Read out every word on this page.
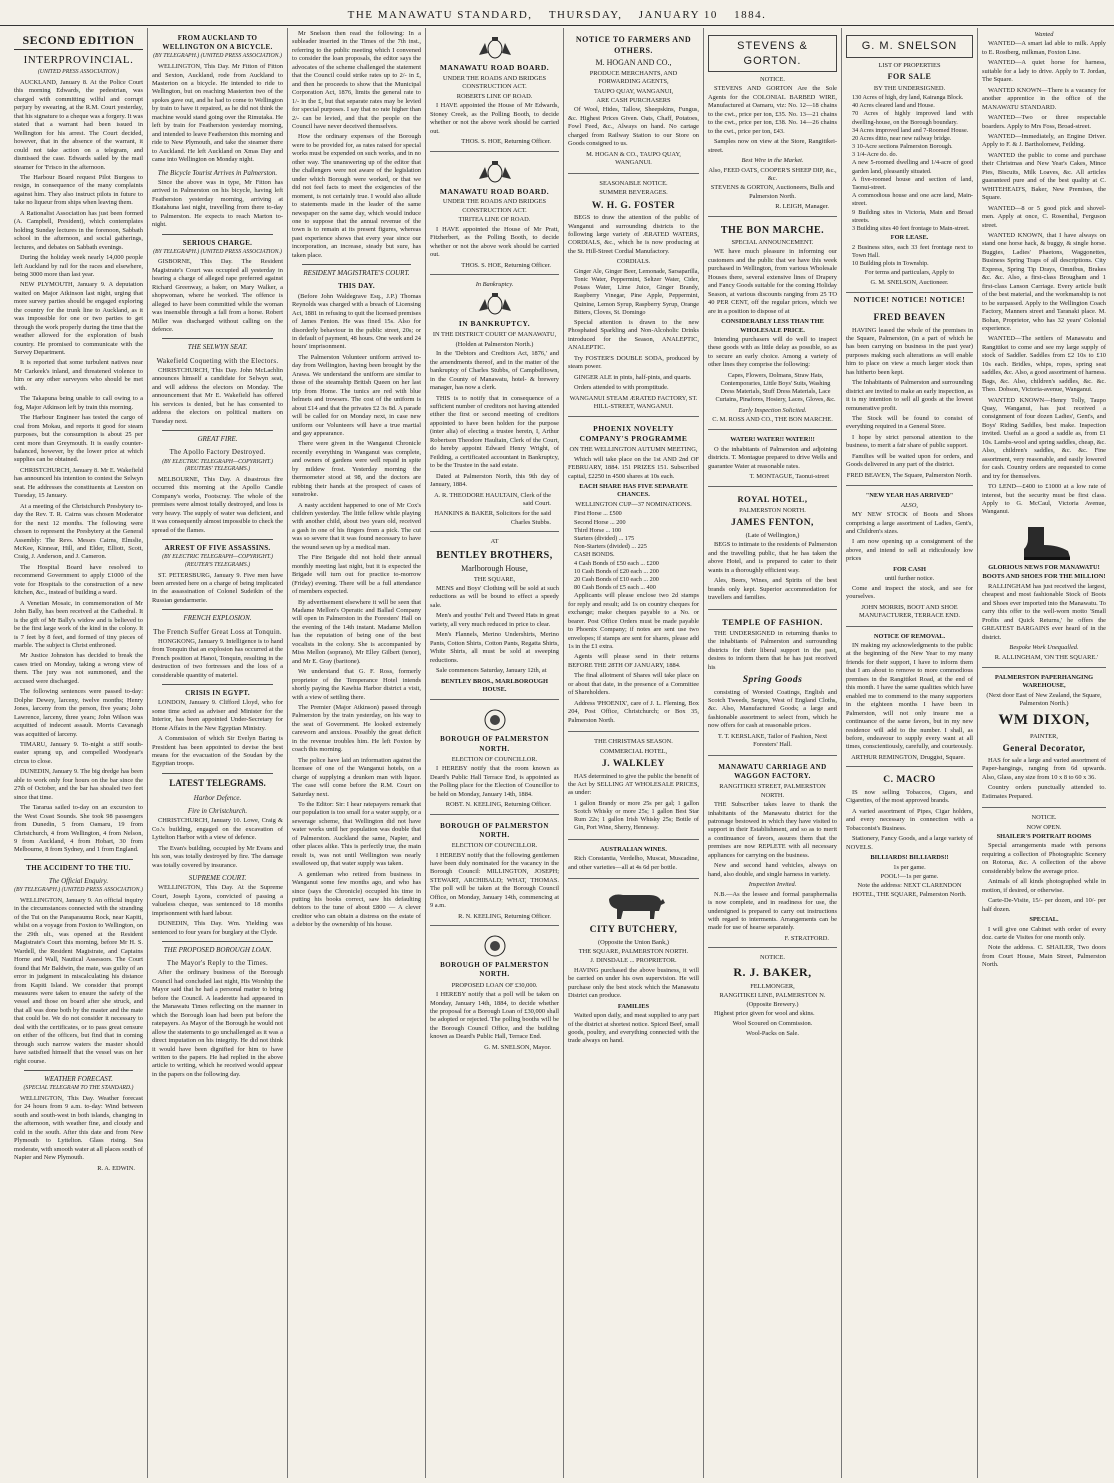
THE MANAWATU STANDARD, THURSDAY, JANUARY 10 1884.
SECOND EDITION
INTERPROVINCIAL.
(UNITED PRESS ASSOCIATION.)

AUCKLAND, January 8. At the Police Court this morning Edwards, the pedestrian, was charged with committing wilful and corrupt perjury by swearing, at the R.M. Court yesterday, that his signature to a cheque was a forgery. It was stated that a warrant had been issued in Wellington for his arrest. The Court decided, however, that in the absence of the warrant, it could not take action on a telegram, and dismissed the case. Edwards sailed by the mail steamer for 'Frisco in the afternoon.

The Harbour Board request Pilot Burgess to resign, in consequence of the many complaints against him. They also instruct pilots in future to take no liqueur from ships when leaving them.

A Rationalist Association has just been formed (A. Campbell, President), which contemplates holding Sunday lectures in the forenoon, Sabbath school in the afternoon, and social gatherings, lectures, and debates on Sabbath evenings.

During the holiday week nearly 14,000 people left Auckland by rail for the races and elsewhere, being 3000 more than last year.

NEW PLYMOUTH, January 9. A deputation waited on Major Atkinson last night, urging that more survey parties should be engaged exploring the country for the trunk line to Auckland, as it was impossible for one or two parties to get through the work properly during the time that the weather allowed for the exploration of bush country. He promised to communicate with the Survey Department.

It is reported that some turbulent natives near Mr Carkeek's inland, and threatened violence to him or any other surveyors who should be met with.

The Takapuna being unable to call owing to a fog, Major Atkinson left by train this morning.

The Harbour Engineer has tested the cargo of coal from Mokau, and reports it good for steam purposes, but the consumption is about 25 per cent more than Greymouth. It is easily counter-balanced, however, by the lower price at which supplies can be obtained.

CHRISTCHURCH, January 8. Mr E. Wakefield has announced his intention to contest the Selwyn seat. He addresses the constituents at Leeston on Tuesday, 15 January.

At a meeting of the Christchurch Presbytery to-day the Rev. T. R. Cairns was chosen Moderator for the next 12 months. The following were chosen to represent the Presbytery at the General Assembly: The Revs. Messrs Cairns, Elmslie, McKee, Kinnear, Hill, and Elder, Elliott, Scott, Craig, J. Anderson, and J. Cameron.

The Hospital Board have resolved to recommend Government to apply £1000 of the vote for Hospitals to the construction of a new kitchen, &c., instead of building a ward.

A Venetian Mosaic, in commemoration of Mr John Bally, has been received at the Cathedral. It is the gift of Mr Bally's widow and is believed to be the first large work of the kind in the colony. It is 7 feet by 8 feet, and formed of tiny pieces of marble. The subject is Christ enthroned.

Mr Justice Johnston has decided to break the cases tried on Monday, taking a wrong view of them. The jury was not summoned, and the accused were discharged.

The following sentences were passed to-day: Dolphe Dewey, larceny, twelve months; Henry Jones, larceny from the person, five years; John Lawrence, larceny, three years; John Wilson was acquitted of indecent assault. Morris Cavanagh was acquitted of larceny.

TIMARU, January 9. To-night a stiff south-easter sprang up, and compelled Woodyear's circus to close.

DUNEDIN, January 9. The big dredge has been able to work only four hours on the bar since the 27th of October, and the bar has shoaled two feet since that time.

The Tararua sailed to-day on an excursion to the West Coast Sounds. She took 98 passengers from Dunedin, 5 from Oamaru, 19 from Christchurch, 4 from Wellington, 4 from Nelson, 9 from Auckland, 4 from Hobart, 30 from Melbourne, 8 from Sydney, and 1 from England.

THE ACCIDENT TO THE TIU.
The Official Enquiry.
(BY TELEGRAPH.) (UNITED PRESS ASSOCIATION.)

WELLINGTON, January 9. An official inquiry in the circumstances connected with the stranding of the Tui on the Paraparaumu Rock, near Kapiti, whilst on a voyage from Foxton to Wellington, on the 29th ult., was opened at the Resident Magistrate's Court this morning, before Mr H. S. Wardell, the Resident Magistrate, and Captains Horne and Wall, Nautical Assessors. The Court found that Mr Baldwin, the mate, was guilty of an error in judgment in miscalculating his distance from Kapiti Island. We consider that prompt measures were taken to ensure the safety of the vessel and those on board after she struck, and that all was done both by the master and the mate that could be. We do not consider it necessary to deal with the certificates, or to pass great censure on either of the officers, but find that in coming through such narrow waters the master should have satisfied himself that the vessel was on her right course.

WEATHER FORECAST.
(SPECIAL TELEGRAM TO THE STANDARD.)

WELLINGTON, This Day. Weather forecast for 24 hours from 9 a.m. to-day: Wind between south and south-west in both islands, changing in the afternoon, with weather fine, and cloudy and cold in the south. After this date and from New Plymouth to Lyttelton. Glass rising. Sea moderate, with smooth water at all places south of Napier and New Plymouth.

R. A. EDWIN.
FROM AUCKLAND TO WELLINGTON ON A BICYCLE.
(BY TELEGRAPH.) (UNITED PRESS ASSOCIATION.)

WELLINGTON, This Day. Mr Fitton of Fitton and Sexton, Auckland, rode from Auckland to Masterton on a bicycle. He intended to ride to Wellington, but on reaching Masterton two of the spokes gave out, and he had to come to Wellington by train to have it repaired, as he did not think the machine would stand going over the Rimutaka. He left by train for Featherston yesterday morning, and intended to leave Featherston this morning and ride to New Plymouth, and take the steamer there to Auckland. He left Auckland on Xmas Day and came into Wellington on Monday night.

The Bicycle Tourist Arrives in Palmerston.

Since the above was in type, Mr Fitton has arrived in Palmerston on his bicycle, having left Featherston yesterday morning, arriving at Ekatahuna last night, travelling from there to-day to Palmerston. He expects to reach Marton to-night.

SERIOUS CHARGE.
(BY TELEGRAPH.) (UNITED PRESS ASSOCIATION.)

GISBORNE, This Day. The Resident Magistrate's Court was occupied all yesterday in hearing a charge of alleged rape preferred against Richard Greenway, a baker, on Mary Walker, a shopwoman, where he worked. The offence is alleged to have been committed while the woman was insensible through a fall from a horse. Robert Miller was discharged without calling on the defence.

THE SELWYN SEAT.
Wakefield Coqueting with the Electors.

CHRISTCHURCH, This Day. John McLachlin announces himself a candidate for Selwyn seat, and will address the electors on Monday. The announcement that Mr E. Wakefield has offered his services is denied, but he has consented to address the electors on political matters on Tuesday next.

GREAT FIRE.
The Apollo Factory Destroyed.
(BY ELECTRIC TELEGRAPH—COPYRIGHT.) (REUTERS' TELEGRAMS.)

MELBOURNE, This Day. A disastrous fire occurred this morning at the Apollo Candle Company's works, Footscray. The whole of the premises were almost totally destroyed, and loss is very heavy. The supply of water was deficient, and it was consequently almost impossible to check the spread of the flames.

ARREST OF FIVE ASSASSINS.
(BY ELECTRIC TELEGRAPH—COPYRIGHT.) (REUTER'S TELEGRAMS.)

ST. PETERSBURG, January 9. Five men have been arrested here on a charge of being implicated in the assassination of Colonel Sudeikin of the Russian gendarmerie.

FRENCH EXPLOSION.
The French Suffer Great Loss at Tonquin.

HONGKONG, January 9. Intelligence is to hand from Tonquin that an explosion has occurred at the French position at Hanoi, Tonquin, resulting in the destruction of two fortresses and the loss of a considerable quantity of materiel.

CRISIS IN EGYPT.

LONDON, January 9. Clifford Lloyd, who for some time acted as adviser and Minister for the Interior, has been appointed Under-Secretary for Home Affairs in the New Egyptian Ministry.

A Commission of which Sir Evelyn Baring is President has been appointed to devise the best means for the evacuation of the Soudan by the Egyptian troops.

LATEST TELEGRAMS.
Harbor Defence.
Fire in Christchurch.

CHRISTCHURCH, January 10. Lowe, Craig & Co.'s building, engaged on the excavation of Lyttelton Harbor with a view of defence.

The Evan's building, occupied by Mr Evans and his son, was totally destroyed by fire. The damage was totally covered by insurance.

SUPREME COURT.

WELLINGTON, This Day. At the Supreme Court, Joseph Lyons, convicted of passing a valueless cheque, was sentenced to 18 months imprisonment with hard labour.

DUNEDIN, This Day. Wm. Yielding was sentenced to four years for burglary at the Clyde.

THE PROPOSED BOROUGH LOAN.
The Mayor's Reply to the Times.

After the ordinary business of the Borough Council had concluded last night, His Worship the Mayor said that he had a personal matter to bring before the Council. A leaderette had appeared in the Manawatu Times reflecting on the manner in which the Borough loan had been put before the ratepayers. As Mayor of the Borough he would not allow the statements to go unchallenged as it was a direct imputation on his integrity. He did not think it would have been dignified for him to have written to the papers. He had replied in the above article to writing, which he received would appear in the papers on the following day.

Mr Snelson then read the following: In a subleader inserted in the Times of the 7th inst., referring to the public meeting which I convened to consider the loan proposals, the editor says the advocates of the scheme challenged the statement that the Council could strike rates up to 2/- in £, and then he proceeds to show that the Municipal Corporation Act, 1876, limits the general rate to 1/- in the £, but that separate rates may be levied for special purposes. I say that no rate higher than 2/- can be levied, and that the people on the Council have never deceived themselves.

How the ordinary expenses of the Borough were to be provided for, as rates raised for special works must be expended on such works, and in no other way. The unanswering up of the editor that the challengers were not aware of the legislation under which Borough were worked, or that we did not feel facts to meet the exigencies of the moment, is not certainly true. I would also allude to statements made in the leader of the same newspaper on the same day, which would induce one to suppose that the annual revenue of the town is to remain at its present figures, whereas past experience shows that every year since our incorporation, an increase, steady but sure, has taken place.

RESIDENT MAGISTRATE'S COURT.
THIS DAY.

(Before John Waldegrave Esq., J.P.) Thomas Reynolds was charged with a breach of Licensing Act, 1881 in refusing to quit the licensed premises of James Fenton. He was fined 15s. Also for disorderly behaviour in the public street, 20s; or in default of payment, 48 hours. One week and 24 hours' imprisonment.

The Palmerston Volunteer uniform arrived to-day from Wellington, having been brought by the Arawa. We understand the uniform are similar to those of the steamship British Queen on her last trip from Home. The tunics are red with blue helmets and trowsers. The cost of the uniform is about £14 and that the privates £2 3s 8d. A parade will be called for on Monday next, in case new uniform our Volunteers will have a true martial and gay appearance.

There were given in the Wanganui Chronicle recently everything in Wanganui was complete, and owners of gardens were well repaid in spite by mildew frost. Yesterday morning the thermometer stood at 98, and the doctors are rubbing their hands at the prospect of cases of sunstroke.

A nasty accident happened to one of Mr Cox's children yesterday. The little fellow while playing with another child, about two years old, received a gash in one of his fingers from a pick. The cut was so severe that it was found necessary to have the wound sewn up by a medical man.

The Fire Brigade did not hold their annual monthly meeting last night, but it is expected the Brigade will turn out for practice to-morrow (Friday) evening. There will be a full attendance of members expected.

By advertisement elsewhere it will be seen that Madame Mellon's Operatic and Ballad Company will open in Palmerston in the Foresters' Hall on the evening of the 14th instant. Madame Mellon has the reputation of being one of the best vocalists in the colony. She is accompanied by Miss Mellon (soprano), Mr Elley Gilbert (tenor), and Mr E. Gray (baritone).

We understand that G. F. Ross, formerly proprietor of the Temperance Hotel intends shortly paying the Kawhia Harbor district a visit, with a view of settling there.

The Premier (Major Atkinson) passed through Palmerston by the train yesterday, on his way to the seat of Government. He looked extremely careworn and anxious. Possibly the great deficit in the revenue troubles him. He left Foxton by coach this morning.

The police have laid an information against the licensee of one of the Wanganui hotels, on a charge of supplying a drunken man with liquor. The case will come before the R.M. Court on Saturday next.

To the Editor: Sir: I hear ratepayers remark that our population is too small for a water supply, or a sewerage scheme, that Wellington did not have water works until her population was double that of Palmerston. Auckland the same, Napier, and other places alike. This is perfectly true, the main result is, was not until Wellington was nearly swallowed up, that water supply was taken.

A gentleman who retired from business in Wanganui some few months ago, and who has since (says the Chronicle) occupied his time in putting his books correct, saw his defaulting debtors to the tune of about £800 — A clever creditor who can obtain a distress on the estate of a debtor by the ownership of his house.

MANAWATU ROAD BOARD.
UNDER THE ROADS AND BRIDGES CONSTRUCTION ACT.
ROBERTS LINE OF ROAD.

I HAVE appointed the House of Mr Edwards, Stoney Creek, as the Polling Booth, to decide whether or not the above work should be carried out.

THOS. S. HOE, Returning Officer.
MANAWATU ROAD BOARD.
UNDER THE ROADS AND BRIDGES CONSTRUCTION ACT.
TIRITEA LINE OF ROAD.

I HAVE appointed the House of Mr Pratt, Fitzherbert, as the Polling Booth, to decide whether or not the above work should be carried out.

THOS. S. HOE, Returning Officer.
In Bankruptcy.
IN BANKRUPTCY.
IN THE DISTRICT COURT OF MANAWATU,
(Holden at Palmerston North.)

In the 'Debtors and Creditors Act, 1876,' and the amendments thereof, and in the matter of the bankruptcy of Charles Stubbs, of Campbelltown, in the County of Manawatu, hotel- & brewery manager, has now a clerk.

THIS is to notify that in consequence of a sufficient number of creditors not having attended either the first or second meeting of creditors appointed to have been holden for the purpose (inter alia) of electing a trustee herein, I, Arthur Robertson Theodore Haultain, Clerk of the Court, do hereby appoint Edward Henry Wright, of Feilding, a certificated accountant in Bankruptcy, to be the Trustee in the said estate.

Dated at Palmerston North, this 9th day of January, 1884.

A. R. THEODORE HAULTAIN, Clerk of the said Court.
HANKINS & BAKER, Solicitors for the said Charles Stubbs.
AT
BENTLEY BROTHERS,
Marlborough House,
THE SQUARE,

MENS and Boys' Clothing will be sold at such reductions as will be bound to effect a speedy sale.

Men's and youths' Felt and Tweed Hats in great variety, all very much reduced in price to clear.

Men's Flannels, Merino Undershirts, Merino Pants, Cotton Shirts, Cotton Pants, Regatta Shirts, White Shirts, all must be sold at sweeping reductions.

Sale commences Saturday, January 12th, at

BENTLEY BROS., MARLBOROUGH HOUSE.
BOROUGH OF PALMERSTON NORTH.
ELECTION OF COUNCILLOR.

I HEREBY notify that the room known as Deard's Public Hall Terrace End, is appointed as the Polling place for the Election of Councillor to be held on Monday, January 14th, 1884.

ROBT. N. KEELING, Returning Officer.
BOROUGH OF PALMERSTON NORTH.
ELECTION OF COUNCILLOR.

I HEREBY notify that the following gentlemen have been duly nominated for the vacancy in the Borough Council: MILLINGTON, JOSEPH; STEWART, ARCHIBALD; WHAT, THOMAS. The poll will be taken at the Borough Council Office, on Monday, January 14th, commencing at 9 a.m.

R. N. KEELING, Returning Officer.
BOROUGH OF PALMERSTON NORTH.
PROPOSED LOAN OF £30,000.

I HEREBY notify that a poll will be taken on Monday, January 14th, 1884, to decide whether the proposal for a Borough Loan of £30,000 shall be adopted or rejected. The polling booths will be the Borough Council Office, and the building known as Deard's Public Hall, Terrace End.

G. M. SNELSON, Mayor.
NOTICE TO FARMERS AND OTHERS.
M. HOGAN AND CO.,
PRODUCE MERCHANTS, AND FORWARDING AGENTS,
TAUPO QUAY, WANGANUI,
ARE CASH PURCHASERS

Of Wool, Hides, Tallow, Sheepskins, Fungus, &c. Highest Prices Given. Oats, Chaff, Potatoes, Fowl Feed, &c., Always on hand. No cartage charged from Railway Station to our Store on Goods consigned to us.

M. HOGAN & CO., TAUPO QUAY, WANGANUI.
SEASONABLE NOTICE.
SUMMER BEVERAGES.
W. H. G. FOSTER

BEGS to draw the attention of the public of Wanganui and surrounding districts to the following large variety of ÆRATED WATERS, CORDIALS, &c., which he is now producing at the St. Hill-Street Cordial Manufactory.

CORDIALS.

Ginger Ale, Ginger Beer, Lemonade, Sarsaparilla, Tonic Water, Peppermint, Seltzer Water, Cider, Potass Water, Lime Juice, Ginger Brandy, Raspberry Vinegar, Pine Apple, Peppermint, Quinine, Lemon Syrup, Raspberry Syrup, Orange Bitters, Cloves, St. Domingo

Special attention is drawn to the new Phosphated Sparkling and Non-Alcoholic Drinks introduced for the Season, ANALEPTIC, ANALEPTIC.

Try FOSTER'S DOUBLE SODA, produced by steam power.

GINGER ALE in pints, half-pints, and quarts.

Orders attended to with promptitude.

WANGANUI STEAM ÆRATED FACTORY, ST. HILL-STREET, WANGANUI.
PHOENIX NOVELTY COMPANY'S PROGRAMME
ON THE WELLINGTON AUTUMN MEETING,

Which will take place on the 1st AND 2nd OF FEBRUARY, 1884. 151 PRIZES 151. Subscribed capital, £2250 in 4500 shares at 10s each.

EACH SHARE HAS FIVE SEPARATE CHANCES.
WELLINGTON CUP—37 NOMINATIONS.
First Horse ... £500
Second Horse ... 200
Third Horse ... 100
Starters (divided) ... 175
Non-Starters (divided) ... 225
CASH BONDS.
4 Cash Bonds of £50 each ... £200
10 Cash Bonds of £20 each ... 200
20 Cash Bonds of £10 each ... 200
80 Cash Bonds of £5 each ... 400

Applicants will please enclose two 2d stamps for reply and result; add 1s on country cheques for exchange; make cheques payable to a No. or bearer. Post Office Orders must be made payable to Phoenix Company; if notes are sent use two envelopes; if stamps are sent for shares, please add 1s in the £1 extra.

Agents will please send in their returns BEFORE THE 28TH OF JANUARY, 1884.

The final allotment of Shares will take place on or about that date, in the presence of a Committee of Shareholders.

Address 'PHOENIX', care of J. L. Fleming, Box 204, Post Office, Christchurch; or Box 35, Palmerston North.

THE CHRISTMAS SEASON.
COMMERCIAL HOTEL,
J. WALKLEY

HAS determined to give the public the benefit of the Act by SELLING AT WHOLESALE PRICES, as under:

1 gallon Brandy or more 25s per gal; 1 gallon Scotch Whisky or more 25s; 1 gallon Best Star Rum 22s; 1 gallon Irish Whisky 25s; Bottle of Gin, Port Wine, Sherry, Hennessy.

AUSTRALIAN WINES.

Rich Constantia, Verdelho, Muscat, Muscadine, and other varieties—all at 4s 6d per bottle.

CITY BUTCHERY,
(Opposite the Union Bank,)
THE SQUARE, PALMERSTON NORTH.
J. DINSDALE ... PROPRIETOR.

HAVING purchased the above business, it will be carried on under his own supervision. He will purchase only the best stock which the Manawatu District can produce.

FAMILIES

Waited upon daily, and meat supplied to any part of the district at shortest notice. Spiced Beef, small goods, poultry, and everything connected with the trade always on hand.

STEVENS & GORTON.
NOTICE.

STEVENS AND GORTON Are the Sole Agents for the COLONIAL BARBED WIRE, Manufactured at Oamaru, viz: No. 12—18 chains to the cwt., price per ton, £35. No. 13—21 chains to the cwt., price per ton, £38. No. 14—26 chains to the cwt., price per ton, £43.

Samples now on view at the Store, Rangitikei-street.

Best Wire in the Market.
Also, FEED OATS, COOPER'S SHEEP DIP, &c., &c.
STEVENS & GORTON, Auctioneers, Bulls and Palmerston North.
R. LEIGH, Manager.
THE BON MARCHE.
SPECIAL ANNOUNCEMENT.

WE have much pleasure in informing our customers and the public that we have this week purchased in Wellington, from various Wholesale Houses there, several extensive lines of Drapery and Fancy Goods suitable for the coming Holiday Season, at various discounts ranging from 25 TO 40 PER CENT, off the regular prices, which we are in a position to dispose of at

CONSIDERABLY LESS THAN THE WHOLESALE PRICE.

Intending purchasers will do well to inspect these goods with as little delay as possible, so as to secure an early choice. Among a variety of other lines they comprise the following:

Capes, Flowers, Dolmans, Straw Hats, Contemporaries, Little Boys' Suits, Washing Dress Materials, Stuff Dress Materials, Lace Curtains, Pinafores, Hosiery, Laces, Gloves, &c.

Early Inspection Solicited.
C. M. ROSS AND CO., THE BON MARCHE.
WATER! WATER!! WATER!!!

O the inhabitants of Palmerston and adjoining districts. T. Montague prepared to drive Wells and guarantee Water at reasonable rates.

T. MONTAGUE, Taonui-street
ROYAL HOTEL,
PALMERSTON NORTH.
JAMES FENTON,
(Late of Wellington,)

BEGS to intimate to the residents of Palmerston and the travelling public, that he has taken the above Hotel, and is prepared to cater to their wants in a thoroughly efficient way.

Ales, Beers, Wines, and Spirits of the best brands only kept. Superior accommodation for travellers and families.

TEMPLE OF FASHION.

THE UNDERSIGNED in returning thanks to the inhabitants of Palmerston and surrounding districts for their liberal support in the past, desires to inform them that he has just received his

Spring Goods

consisting of Worsted Coatings, English and Scotch Tweeds, Serges, West of England Cloths, &c. Also, Manufactured Goods; a large and fashionable assortment to select from, which he now offers for cash at reasonable prices.

T. T. KERSLAKE, Tailor of Fashion, Next Foresters' Hall.
MANAWATU CARRIAGE AND WAGGON FACTORY.
RANGITIKEI STREET, PALMERSTON NORTH.

THE Subscriber takes leave to thank the inhabitants of the Manawatu district for the patronage bestowed in which they have visited to support in their Establishment, and so as to merit a continuance of favors, assures them that the premises are now REPLETE with all necessary appliances for carrying on the business.

New and second hand vehicles, always on hand, also double, and single harness in variety.

Inspection Invited.

N.B.—As the lessee and formal paraphernalia is now complete, and in readiness for use, the undersigned is prepared to carry out instructions with regard to interments. Arrangements can be made for use of hearse separately.

F. STRATFORD.
NOTICE.
R. J. BAKER,
FELLMONGER,
RANGITIKEI LINE, PALMERSTON N. (Opposite Brewery.)

Highest price given for wool and skins.

Wool Scoured on Commission.
Wool-Packs on Sale.
G. M. SNELSON
LIST OF PROPERTIES
FOR SALE
BY THE UNDERSIGNED.
130 Acres of high, dry land, Kairanga Block.
40 Acres cleared land and House.
70 Acres of highly improved land with dwelling-house, on the Borough boundary.
34 Acres improved land and 7-Roomed House.
20 Acres ditto, near new railway bridge.
3 10-Acre sections Palmerston Borough.
3 1/4-Acre do. do.
A new 5-roomed dwelling and 1/4-acre of good garden land, pleasantly situated.
A five-roomed house and section of land, Taonui-street.
A commodious house and one acre land, Main-street.
9 Building sites in Victoria, Main and Broad streets.
3 Building sites 40 feet frontage to Main-street.
FOR LEASE.
2 Business sites, each 33 feet frontage next to Town Hall.
10 Building plots in Township.
For terms and particulars, Apply to
G. M. SNELSON, Auctioneer.
NOTICE! NOTICE! NOTICE!
FRED BEAVEN

HAVING leased the whole of the premises in the Square, Palmerston, (in a part of which he has been carrying on business in the past year) purposes making such alterations as will enable him to place on view a much larger stock than has hitherto been kept.

The Inhabitants of Palmerston and surrounding district are invited to make an early inspection, as it is my intention to sell all goods at the lowest remunerative profit.

The Stock will be found to consist of everything required in a General Store.

I hope by strict personal attention to the business, to merit a fair share of public support.

Families will be waited upon for orders, and Goods delivered in any part of the district.

FRED BEAVEN, The Square, Palmerston North.
"NEW YEAR HAS ARRIVED"
ALSO,

MY NEW STOCK of Boots and Shoes comprising a large assortment of Ladies, Gent's, and Children's sizes.

I am now opening up a consignment of the above, and intend to sell at ridiculously low prices

FOR CASH
until further notice.

Come and inspect the stock, and see for yourselves.

JOHN MORRIS, BOOT AND SHOE MANUFACTURER, TERRACE END.
NOTICE OF REMOVAL.

IN making my acknowledgments to the public at the beginning of the New Year to my many friends for their support, I have to inform them that I am about to remove to more commodious premises in the Rangitikei Road, at the end of this month. I have the same qualities which have enabled me to commend to the many supporters in the eighteen months I have been in Palmerston, will not only insure me a continuance of the same favors, but in my new residence will add to the number. I shall, as before, endeavour to supply every want at all times, conscientiously, carefully, and courteously.

ARTHUR REMINGTON, Druggist, Square.
C. MACRO

IS now selling Tobaccos, Cigars, and Cigarettes, of the most approved brands.

A varied assortment of Pipes, Cigar holders, and every necessary in connection with a Tobacconist's Business.

Stationery, Fancy Goods, and a large variety of NOVELS.

BILLIARDS! BILLIARDS!!
1s per game.
POOL!—1s per game.
Note the address: NEXT CLARENDON HOTEL, THE SQUARE, Palmerston North.
Wanted

WANTED—A smart lad able to milk. Apply to E. Rostberg, milkman, Foxton Line.

WANTED—A quiet horse for harness, suitable for a lady to drive. Apply to T. Jordan, The Square.

WANTED KNOWN—There is a vacancy for another apprentice in the office of the MANAWATU STANDARD.

WANTED—Two or three respectable boarders. Apply to Mrs Foss, Broad-street.

WANTED—Immediately, an Engine Driver. Apply to F. & J. Bartholomew, Feilding.

WANTED the public to come and purchase their Christmas and New Year's Cakes, Mince Pies, Biscuits, Milk Loaves, &c. All articles guaranteed pure and of the best quality at C. WHITEHEAD'S, Baker, New Premises, the Square.

WANTED—8 or 5 good pick and shovel-men. Apply at once, C. Rosenthal, Ferguson street.

WANTED KNOWN, that I have always on stand one horse hack, & buggy, & single horse. Buggies, Ladies' Phaetons, Waggonettes, Business Spring Traps of all descriptions. City Express, Spring Tip Drays, Omnibus, Brakes &c. &c. Also, a first-class Brougham and 1 first-class Lanson Carriage. Every article built of the best material, and the workmanship is not to be surpassed. Apply to the Wellington Coach Factory, Manners street and Taranaki place. M. Bohan, Proprietor, who has 32 years' Colonial experience.

WANTED—The settlers of Manawatu and Rangitikei to come and see my large supply of stock of Saddler. Saddles from £2 10s to £10 10s each. Bridles, whips, ropes, spring seat saddles, &c. Also, a good assortment of harness. Bags, &c. Also, children's saddles, &c. &c. Theo. Dobson, Victoria-avenue, Wanganui.

WANTED KNOWN—Henry Tolly, Taupo Quay, Wanganui, has just received a consignment of four dozen Ladies', Gent's, and Boys' Riding Saddles, best make. Inspection invited. Useful as a good a saddle as, from £1 10s. Lambs-wool and spring saddles, cheap, &c. Also, children's saddles, &c. &c. Fine assortment, very reasonable, and easily lowered for cash. Country orders are requested to come and try for themselves.

TO LEND—£400 to £1000 at a low rate of interest, but the security must be first class. Apply to G. McCaul, Victoria Avenue, Wanganui.

GLORIOUS NEWS FOR MANAWATU!
BOOTS AND SHOES FOR THE MILLION!

RALLINGHAM has just received the largest, cheapest and most fashionable Stock of Boots and Shoes ever imported into the Manawatu. To carry this offer to the well-worn motto 'Small Profits and Quick Returns,' he offers the GREATEST BARGAINS ever heard of in the district.

Bespoke Work Unequalled.
R. ALLINGHAM, 'ON THE SQUARE.'
PALMERSTON PAPERHANGING WAREHOUSE,
(Next door East of New Zealand, the Square, Palmerston North.)
WM DIXON,
PAINTER,
General Decorator,

HAS for sale a large and varied assortment of Paper-hangings, ranging from 6d upwards. Also, Glass, any size from 10 x 8 to 60 x 36.

Country orders punctually attended to. Estimates Prepared.

NOTICE.
NOW OPEN.
SHAILER'S PORTRAIT ROOMS

Special arrangements made with persons requiring a collection of Photographic Scenery on Rotorua, &c. A collection of the above considerably below the average price.

Animals of all kinds photographed while in motion, if desired, or otherwise.

Carte-De-Visite, 15/- per dozen, and 10/- per half dozen.

SPECIAL.

I will give one Cabinet with order of every doz. carte de Visites for one month only.

Note the address. C. SHAILER, Two doors from Court House, Main Street, Palmerston North.
